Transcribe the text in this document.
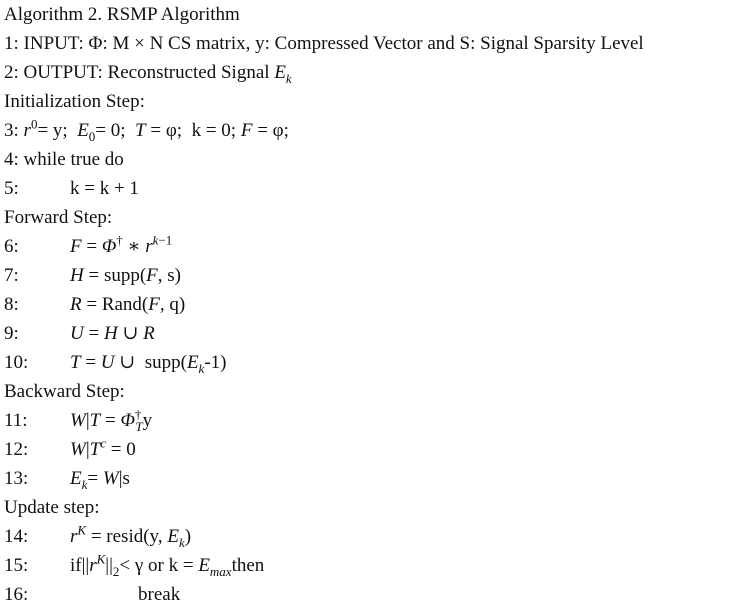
Algorithm 2. RSMP Algorithm
1: INPUT: Φ: M × N CS matrix, y: Compressed Vector and S: Signal Sparsity Level
2: OUTPUT: Reconstructed Signal $E_k$
Initialization Step:
3: $r^0= y$;  $E_0= 0$;  T = φ;  k = 0; F = φ;
4: while true do
5:	k = k + 1
Forward Step:
6:	F = Φ† ∗ $r^{k-1}$
7:	H = supp(F, s)
8:	R = Rand(F, q)
9:	U = H ∪ R
10: T = U ∪  $supp(E_k-1)$
Backward Step:
11: $W|T = \Phi^\dagger_Ty$
12: $W|T^c = 0$
13: $E_k= W|s$
Update step:
14: $r^K$ = resid(y, $E_k$)
15: $if||r^K||_2< \gamma$ or $k = E_{max}then$
16:	break
